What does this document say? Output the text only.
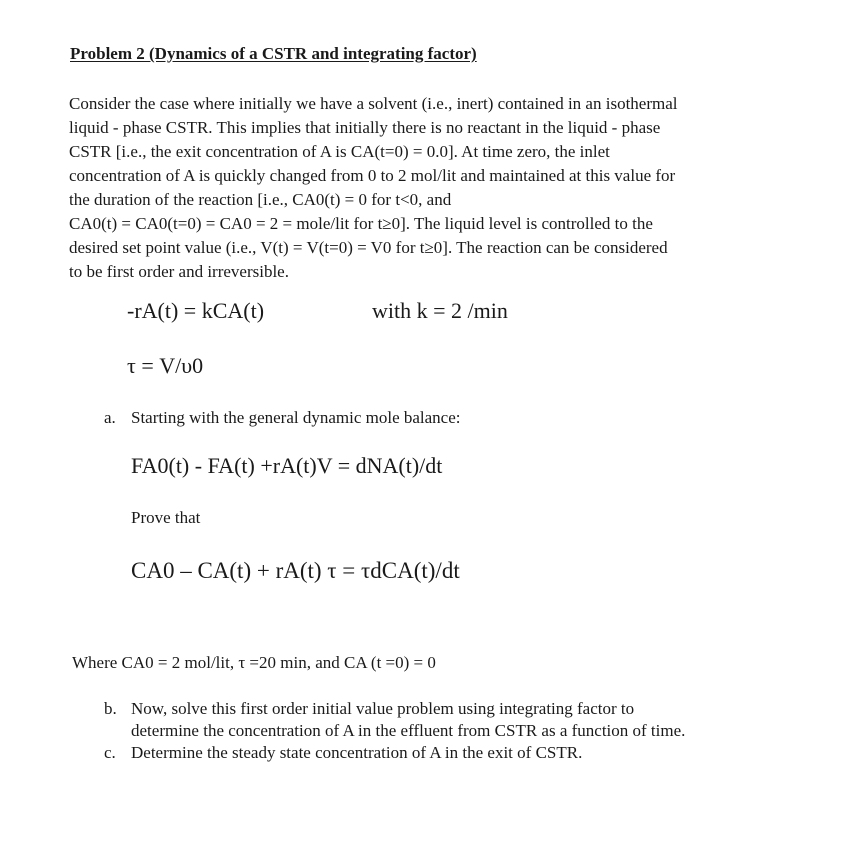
Problem 2 (Dynamics of a CSTR and integrating factor)
Consider the case where initially we have a solvent (i.e., inert) contained in an isothermal
liquid - phase CSTR. This implies that initially there is no reactant in the liquid - phase
CSTR [i.e., the exit concentration of A is CA(t=0) = 0.0]. At time zero, the inlet
concentration of A is quickly changed from 0 to 2 mol/lit and maintained at this value for
the duration of the reaction [i.e., CA0(t) = 0 for t<0, and
CA0(t) = CA0(t=0) = CA0 = 2 = mole/lit for t≥0]. The liquid level is controlled to the
desired set point value (i.e., V(t) = V(t=0) = V0 for t≥0]. The reaction can be considered
to be first order and irreversible.
-rA(t) = kCA(t)	with k = 2 /min
τ = V/υ0
a. Starting with the general dynamic mole balance:
FA0(t) - FA(t) +rA(t)V = dNA(t)/dt
Prove that
CA0 – CA(t) + rA(t) τ = τdCA(t)/dt
Where CA0 = 2 mol/lit, τ =20 min, and CA (t =0) = 0
b. Now, solve this first order initial value problem using integrating factor to
determine the concentration of A in the effluent from CSTR as a function of time.
c. Determine the steady state concentration of A in the exit of CSTR.
